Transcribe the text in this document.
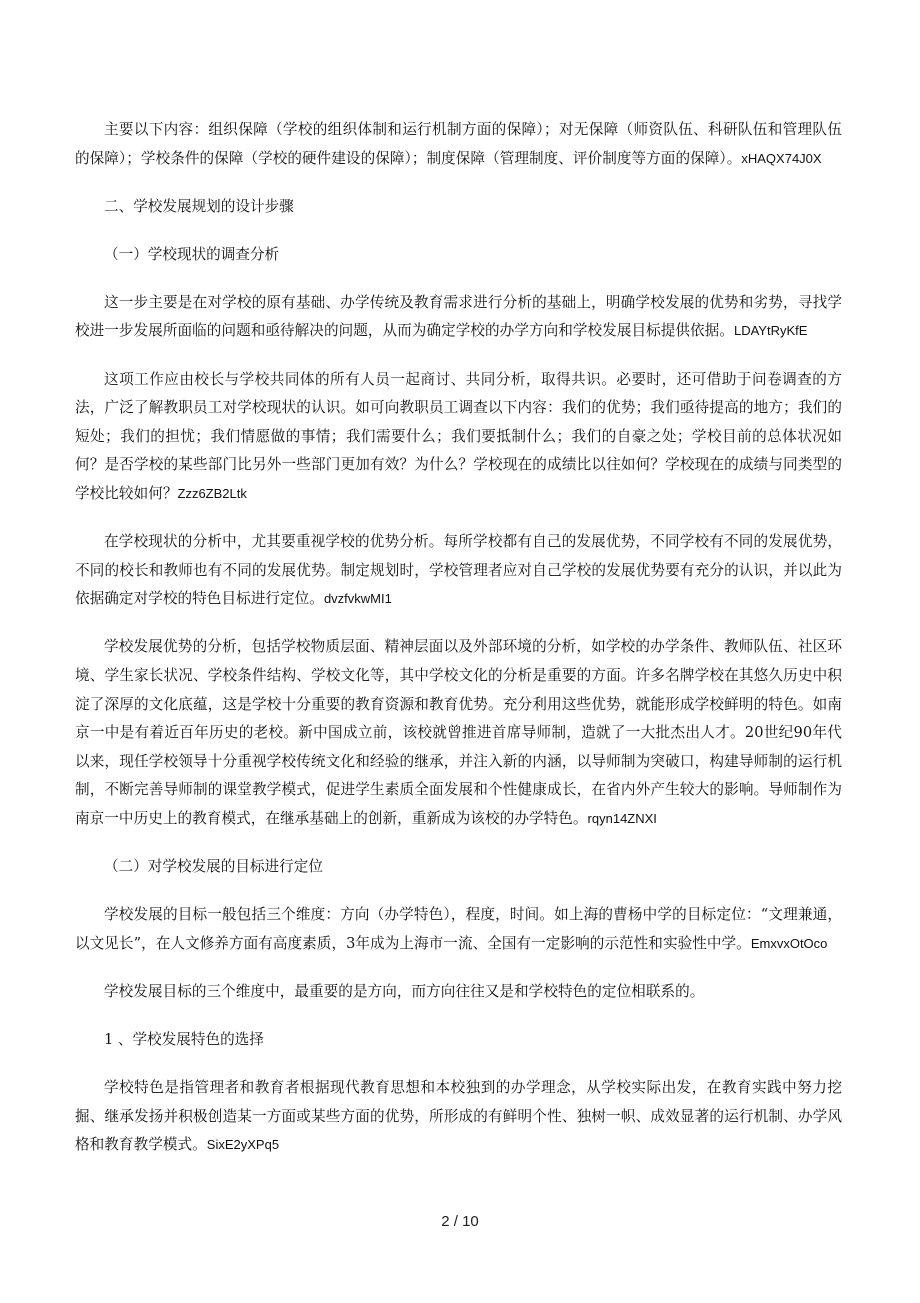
主要以下内容：组织保障（学校的组织体制和运行机制方面的保障）；对无保障（师资队伍、科研队伍和管理队伍的保障）；学校条件的保障（学校的硬件建设的保障）；制度保障（管理制度、评价制度等方面的保障）。xHAQX74J0X
二、学校发展规划的设计步骤
（一）学校现状的调查分析
这一步主要是在对学校的原有基础、办学传统及教育需求进行分析的基础上，明确学校发展的优势和劣势，寻找学校进一步发展所面临的问题和亟待解决的问题，从而为确定学校的办学方向和学校发展目标提供依据。LDAYtRyKfE
这项工作应由校长与学校共同体的所有人员一起商讨、共同分析，取得共识。必要时，还可借助于问卷调查的方法，广泛了解教职员工对学校现状的认识。如可向教职员工调查以下内容：我们的优势；我们亟待提高的地方；我们的短处；我们的担忧；我们情愿做的事情；我们需要什么；我们要抵制什么；我们的自豪之处；学校目前的总体状况如何？是否学校的某些部门比另外一些部门更加有效？为什么？学校现在的成绩比以往如何？学校现在的成绩与同类型的学校比较如何？Zzz6ZB2Ltk
在学校现状的分析中，尤其要重视学校的优势分析。每所学校都有自己的发展优势，不同学校有不同的发展优势，不同的校长和教师也有不同的发展优势。制定规划时，学校管理者应对自己学校的发展优势要有充分的认识，并以此为依据确定对学校的特色目标进行定位。dvzfvkwMI1
学校发展优势的分析，包括学校物质层面、精神层面以及外部环境的分析，如学校的办学条件、教师队伍、社区环境、学生家长状况、学校条件结构、学校文化等，其中学校文化的分析是重要的方面。许多名牌学校在其悠久历史中积淀了深厚的文化底蕴，这是学校十分重要的教育资源和教育优势。充分利用这些优势，就能形成学校鲜明的特色。如南京一中是有着近百年历史的老校。新中国成立前，该校就曾推进首席导师制，造就了一大批杰出人才。20世纪90年代以来，现任学校领导十分重视学校传统文化和经验的继承，并注入新的内涵，以导师制为突破口，构建导师制的运行机制，不断完善导师制的课堂教学模式，促进学生素质全面发展和个性健康成长，在省内外产生较大的影响。导师制作为南京一中历史上的教育模式，在继承基础上的创新，重新成为该校的办学特色。rqyn14ZNXI
（二）对学校发展的目标进行定位
学校发展的目标一般包括三个维度：方向（办学特色），程度，时间。如上海的曹杨中学的目标定位：“文理兼通，以文见长”，在人文修养方面有高度素质，3年成为上海市一流、全国有一定影响的示范性和实验性中学。EmxvxOtOco
学校发展目标的三个维度中，最重要的是方向，而方向往往又是和学校特色的定位相联系的。
1 、学校发展特色的选择
学校特色是指管理者和教育者根据现代教育思想和本校独到的办学理念，从学校实际出发，在教育实践中努力挖掘、继承发扬并积极创造某一方面或某些方面的优势，所形成的有鲜明个性、独树一帜、成效显著的运行机制、办学风格和教育教学模式。SixE2yXPq5
2 / 10
